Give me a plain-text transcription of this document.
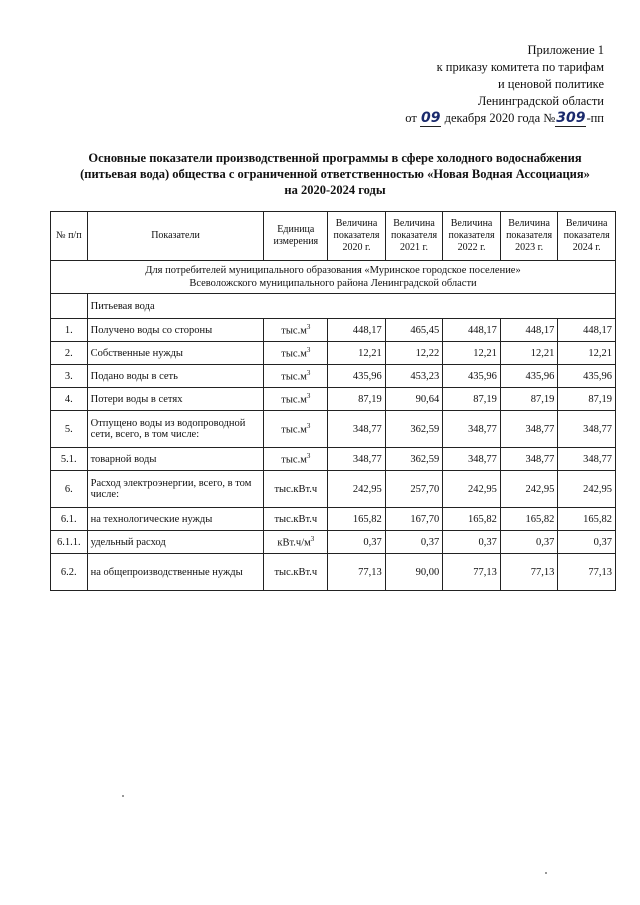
Приложение 1
к приказу комитета по тарифам
и ценовой политике
Ленинградской области
от 09 декабря 2020 года №309-пп
Основные показатели производственной программы в сфере холодного водоснабжения
(питьевая вода) общества с ограниченной ответственностью «Новая Водная Ассоциация»
на 2020-2024 годы
№ п/п	Показатели	Единица измерения	Величина показателя 2020 г.	Величина показателя 2021 г.	Величина показателя 2022 г.	Величина показателя 2023 г.	Величина показателя 2024 г.

Для потребителей муниципального образования «Муринское городское поселение»
Всеволожского муниципального района Ленинградской области							

	Питьевая вода						
1.	Получено воды со стороны	$тыс.м^3$	448,17	465,45	448,17	448,17	448,17
2.	Собственные нужды	$тыс.м^3$	12,21	12,22	12,21	12,21	12,21
3.	Подано воды в сеть	$тыс.м^3$	435,96	453,23	435,96	435,96	435,96
4.	Потери воды в сетях	$тыс.м^3$	87,19	90,64	87,19	87,19	87,19
5.	Отпущено воды из водопроводной сети, всего, в том числе:	$тыс.м^3$	348,77	362,59	348,77	348,77	348,77
5.1.	товарной воды	$тыс.м^3$	348,77	362,59	348,77	348,77	348,77
6.	Расход электроэнергии, всего, в том числе:	тыс.кВт.ч	242,95	257,70	242,95	242,95	242,95
6.1.	на технологические нужды	тыс.кВт.ч	165,82	167,70	165,82	165,82	165,82
6.1.1.	удельный расход	$кВт.ч/м^3$	0,37	0,37	0,37	0,37	0,37
6.2.	на общепроизводственные нужды	тыс.кВт.ч	77,13	90,00	77,13	77,13	77,13
